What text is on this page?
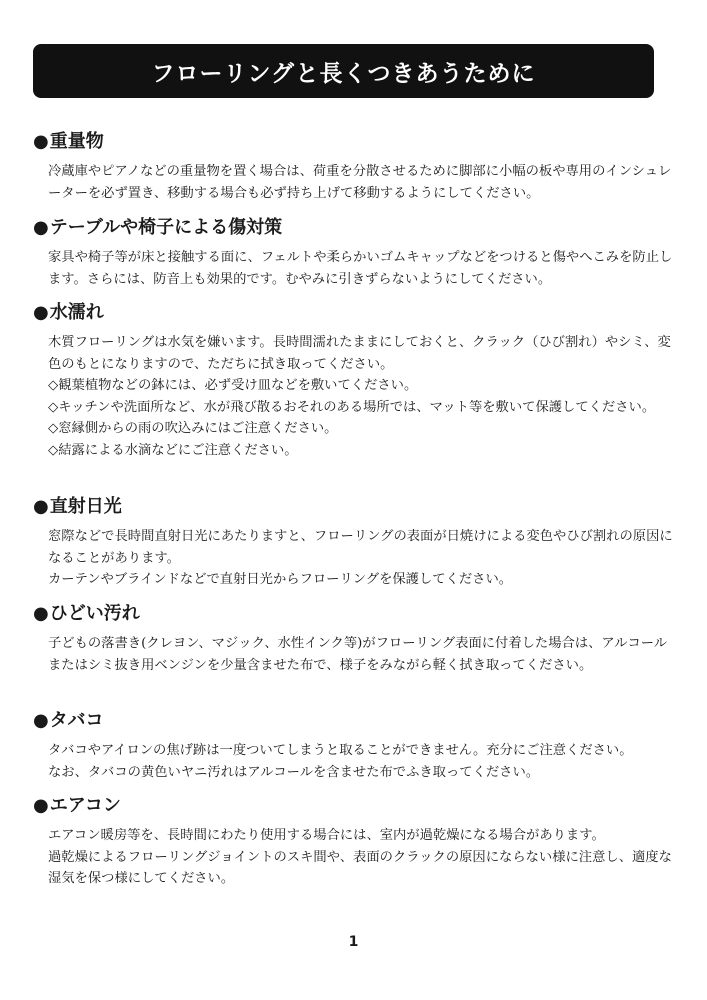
フローリングと長くつきあうために
● 重量物

冷蔵庫やピアノなどの重量物を置く場合は、荷重を分散させるために脚部に小幅の板や専用のインシュレーターを必ず置き、移動する場合も必ず持ち上げて移動するようにしてください。

● テーブルや椅子による傷対策

家具や椅子等が床と接触する面に、フェルトや柔らかいゴムキャップなどをつけると傷やへこみを防止します。さらには、防音上も効果的です。むやみに引きずらないようにしてください。

● 水濡れ

木質フローリングは水気を嫌います。長時間濡れたままにしておくと、クラック（ひび割れ）やシミ、変色のもとになりますので、ただちに拭き取ってください。

◇観葉植物などの鉢には、必ず受け皿などを敷いてください。

◇キッチンや洗面所など、水が飛び散るおそれのある場所では、マット等を敷いて保護してください。

◇窓縁側からの雨の吹込みにはご注意ください。

◇結露による水滴などにご注意ください。

● 直射日光

窓際などで長時間直射日光にあたりますと、フローリングの表面が日焼けによる変色やひび割れの原因になることがあります。

カーテンやブラインドなどで直射日光からフローリングを保護してください。

● ひどい汚れ

子どもの落書き(クレヨン、マジック、水性インク等)がフローリング表面に付着した場合は、アルコールまたはシミ抜き用ベンジンを少量含ませた布で、様子をみながら軽く拭き取ってください。

● タバコ

タバコやアイロンの焦げ跡は一度ついてしまうと取ることができません。充分にご注意ください。

なお、タバコの黄色いヤニ汚れはアルコールを含ませた布でふき取ってください。

● エアコン

エアコン暖房等を、長時間にわたり使用する場合には、室内が過乾燥になる場合があります。

過乾燥によるフローリングジョイントのスキ間や、表面のクラックの原因にならない様に注意し、適度な湿気を保つ様にしてください。

1
